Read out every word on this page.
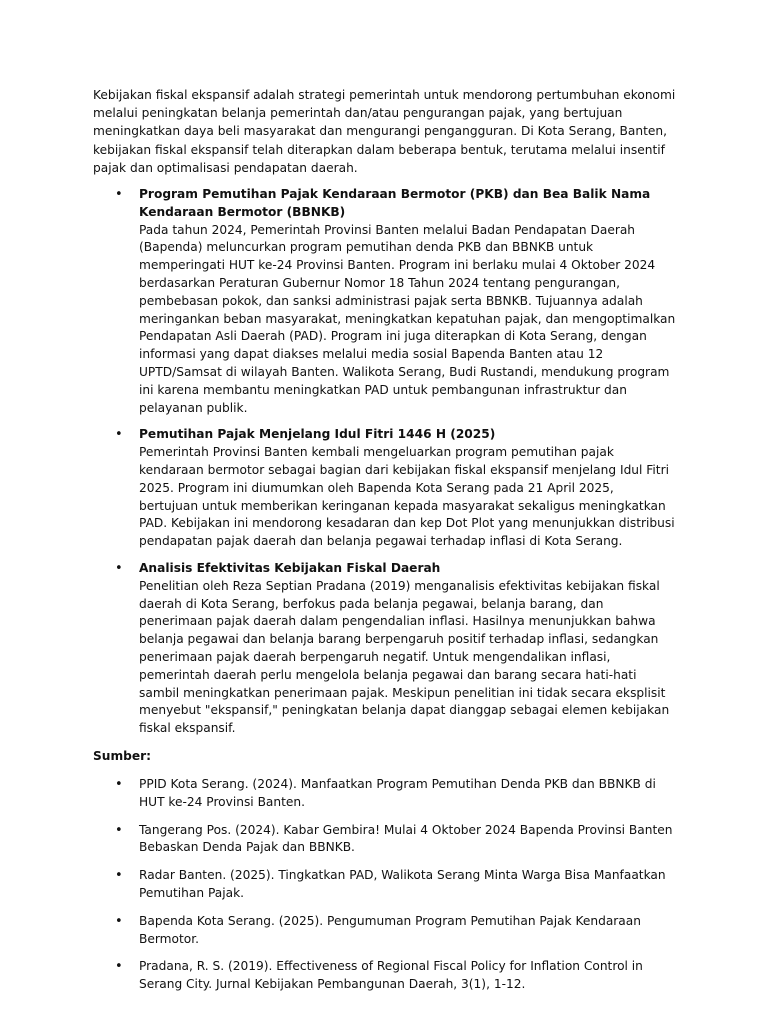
Kebijakan fiskal ekspansif adalah strategi pemerintah untuk mendorong pertumbuhan ekonomi melalui peningkatan belanja pemerintah dan/atau pengurangan pajak, yang bertujuan meningkatkan daya beli masyarakat dan mengurangi pengangguran. Di Kota Serang, Banten, kebijakan fiskal ekspansif telah diterapkan dalam beberapa bentuk, terutama melalui insentif pajak dan optimalisasi pendapatan daerah.

• Program Pemutihan Pajak Kendaraan Bermotor (PKB) dan Bea Balik Nama Kendaraan Bermotor (BBNKB)
Pada tahun 2024, Pemerintah Provinsi Banten melalui Badan Pendapatan Daerah (Bapenda) meluncurkan program pemutihan denda PKB dan BBNKB untuk memperingati HUT ke-24 Provinsi Banten. Program ini berlaku mulai 4 Oktober 2024 berdasarkan Peraturan Gubernur Nomor 18 Tahun 2024 tentang pengurangan, pembebasan pokok, dan sanksi administrasi pajak serta BBNKB. Tujuannya adalah meringankan beban masyarakat, meningkatkan kepatuhan pajak, dan mengoptimalkan Pendapatan Asli Daerah (PAD). Program ini juga diterapkan di Kota Serang, dengan informasi yang dapat diakses melalui media sosial Bapenda Banten atau 12 UPTD/Samsat di wilayah Banten. Walikota Serang, Budi Rustandi, mendukung program ini karena membantu meningkatkan PAD untuk pembangunan infrastruktur dan pelayanan publik.
• Pemutihan Pajak Menjelang Idul Fitri 1446 H (2025)
Pemerintah Provinsi Banten kembali mengeluarkan program pemutihan pajak kendaraan bermotor sebagai bagian dari kebijakan fiskal ekspansif menjelang Idul Fitri 2025. Program ini diumumkan oleh Bapenda Kota Serang pada 21 April 2025, bertujuan untuk memberikan keringanan kepada masyarakat sekaligus meningkatkan PAD. Kebijakan ini mendorong kesadaran dan kep Dot Plot yang menunjukkan distribusi pendapatan pajak daerah dan belanja pegawai terhadap inflasi di Kota Serang.
• Analisis Efektivitas Kebijakan Fiskal Daerah
Penelitian oleh Reza Septian Pradana (2019) menganalisis efektivitas kebijakan fiskal daerah di Kota Serang, berfokus pada belanja pegawai, belanja barang, dan penerimaan pajak daerah dalam pengendalian inflasi. Hasilnya menunjukkan bahwa belanja pegawai dan belanja barang berpengaruh positif terhadap inflasi, sedangkan penerimaan pajak daerah berpengaruh negatif. Untuk mengendalikan inflasi, pemerintah daerah perlu mengelola belanja pegawai dan barang secara hati-hati sambil meningkatkan penerimaan pajak. Meskipun penelitian ini tidak secara eksplisit menyebut "ekspansif," peningkatan belanja dapat dianggap sebagai elemen kebijakan fiskal ekspansif.
Sumber:
• PPID Kota Serang. (2024). Manfaatkan Program Pemutihan Denda PKB dan BBNKB di HUT ke-24 Provinsi Banten.
• Tangerang Pos. (2024). Kabar Gembira! Mulai 4 Oktober 2024 Bapenda Provinsi Banten Bebaskan Denda Pajak dan BBNKB.
• Radar Banten. (2025). Tingkatkan PAD, Walikota Serang Minta Warga Bisa Manfaatkan Pemutihan Pajak.
• Bapenda Kota Serang. (2025). Pengumuman Program Pemutihan Pajak Kendaraan Bermotor.
• Pradana, R. S. (2019). Effectiveness of Regional Fiscal Policy for Inflation Control in Serang City. Jurnal Kebijakan Pembangunan Daerah, 3(1), 1-12.
